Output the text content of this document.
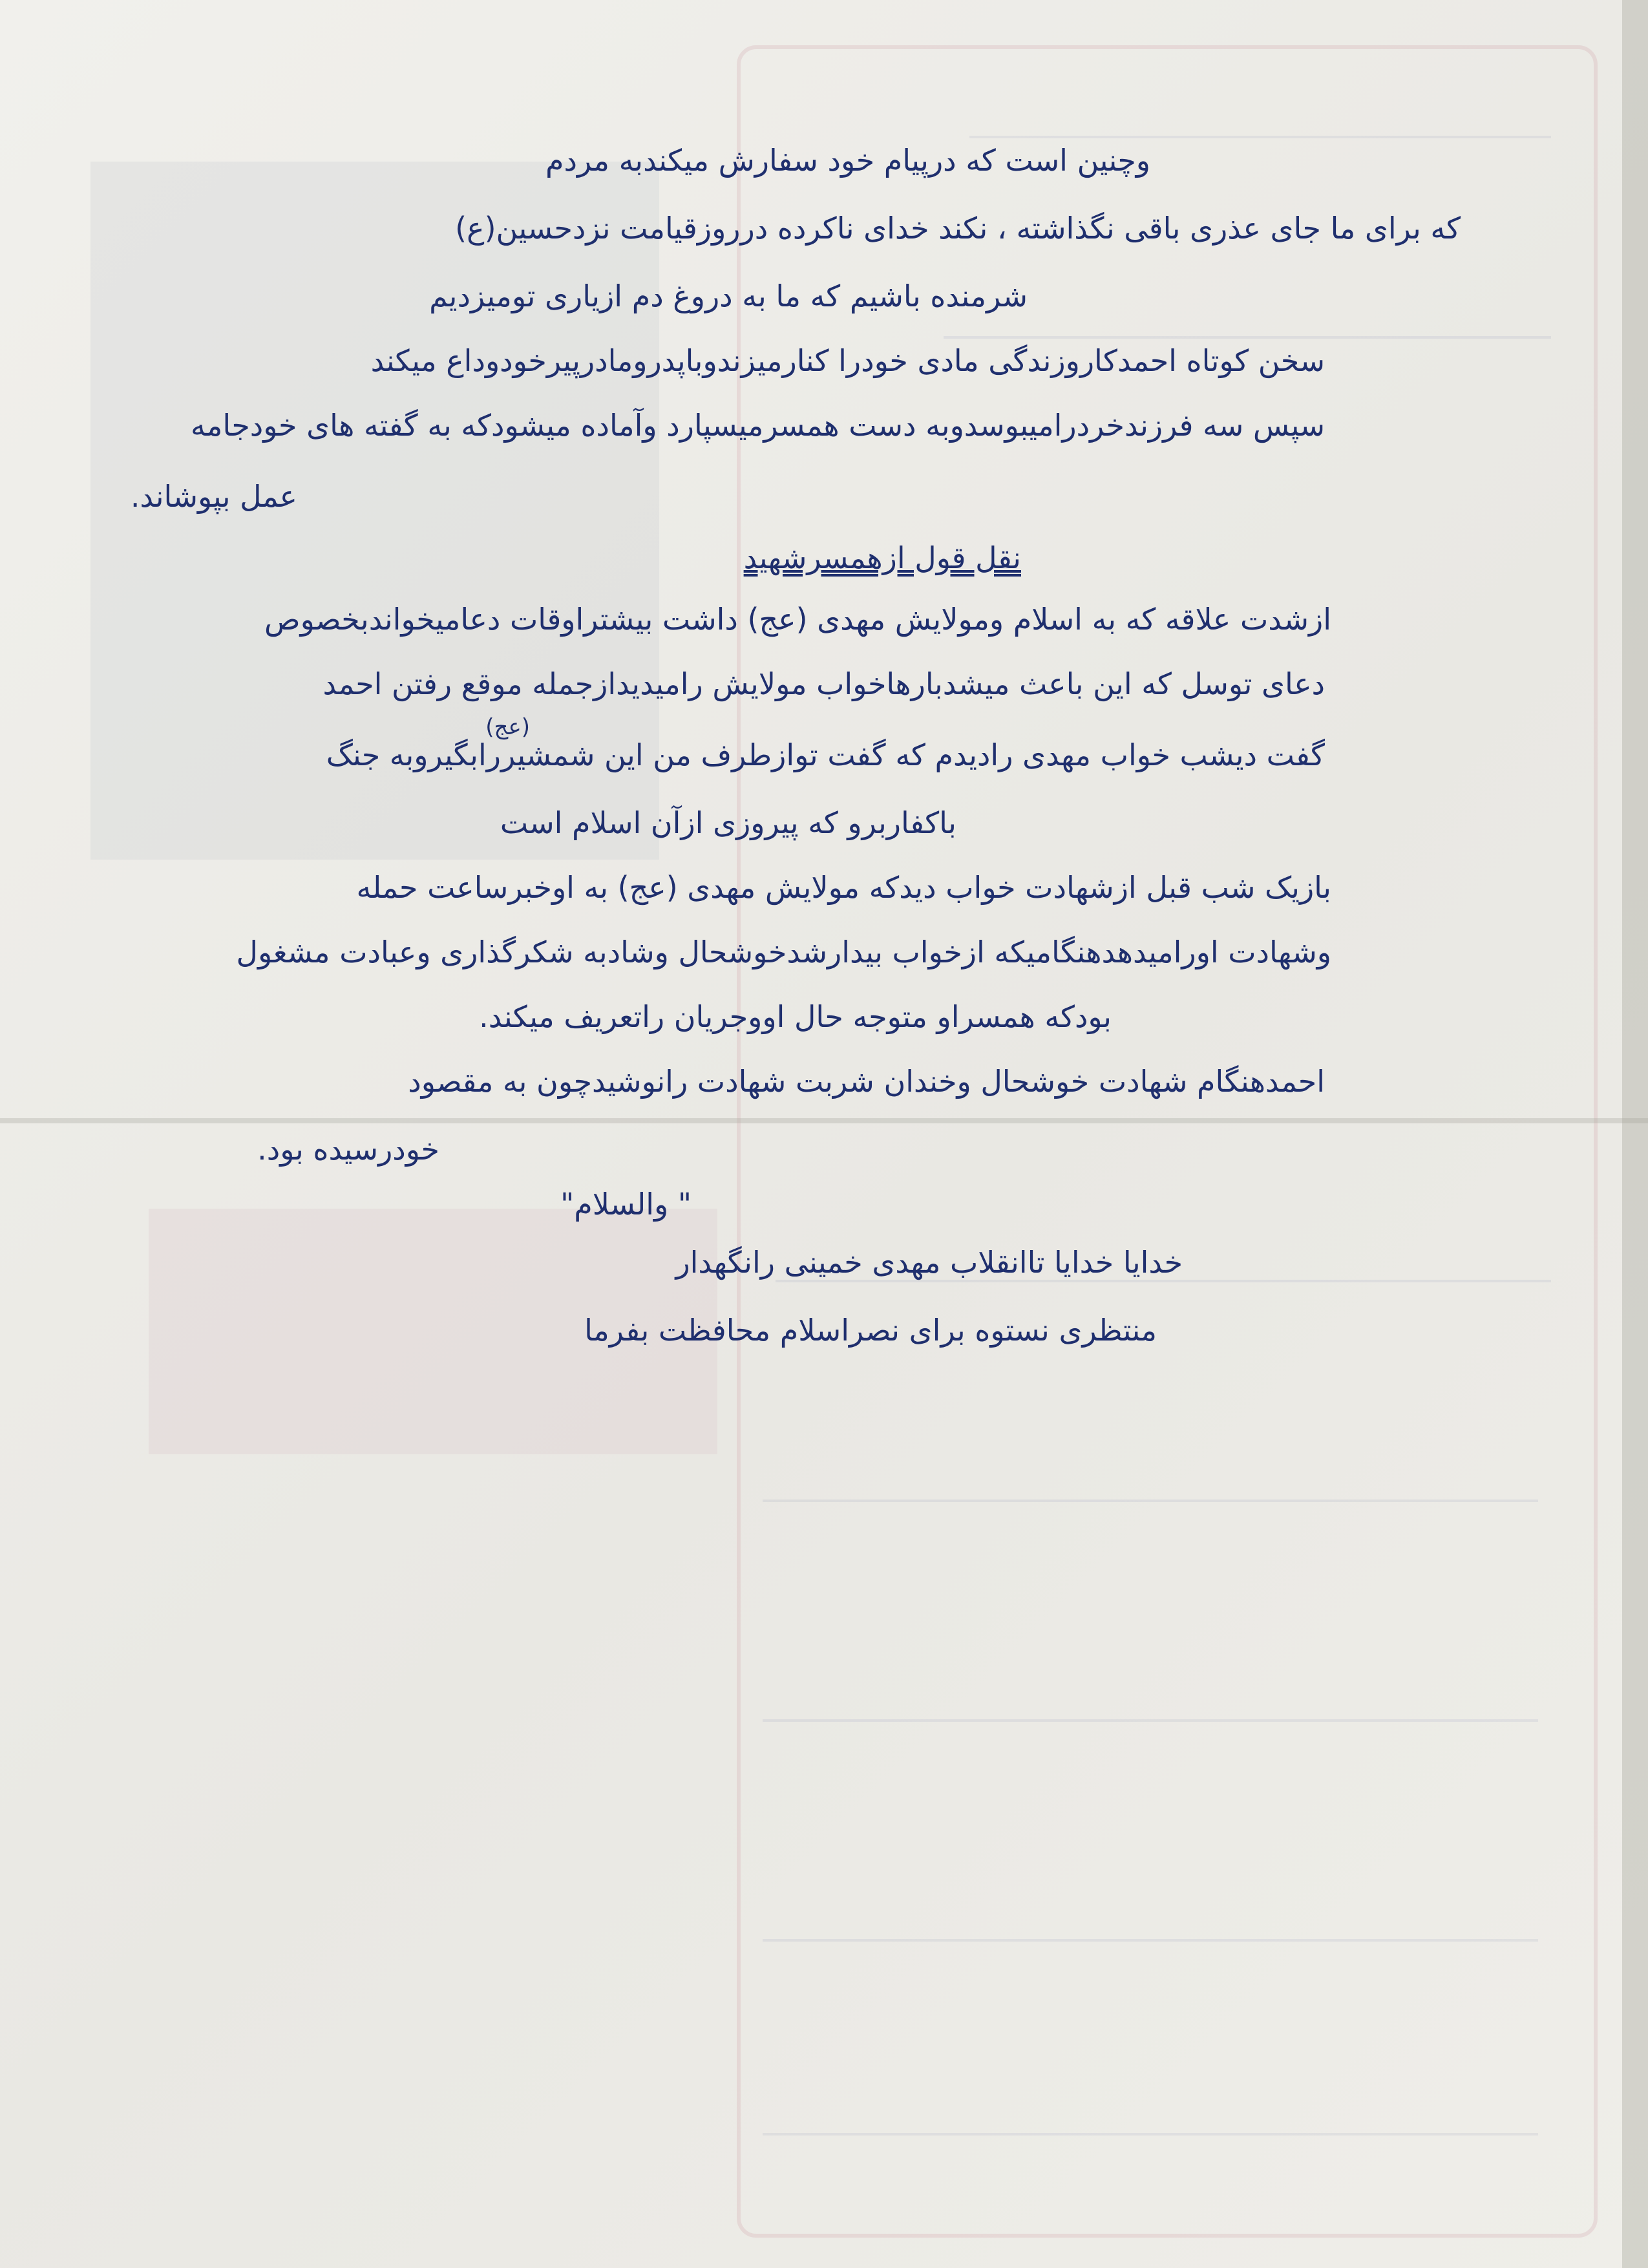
وچنین است که درپیام خود سفارش میکندبه مردم
که برای ما جای عذری باقی نگذاشته ، نکند خدای ناکرده درروزقیامت نزدحسین(ع)
شرمنده باشیم که ما به دروغ دم ازیاری تومیزدیم
سخن کوتاه احمدکاروزندگی مادی خودرا کنارمیزندوباپدرومادرپیرخودوداع میکند
سپس سه فرزندخردرامیبوسدوبه دست همسرمیسپارد وآماده میشودکه به گفته های خودجامه
عمل بپوشاند.
نقل قول ازهمسرشهید
ازشدت علاقه که به اسلام ومولایش مهدی (عج) داشت بیشتراوقات دعامیخواندبخصوص
دعای توسل که این باعث میشدبارهاخواب مولایش رامیدیدازجمله موقع رفتن احمد
(عج)
گفت دیشب خواب مهدی رادیدم که گفت توازطرف من این شمشیررابگیروبه جنگ
باکفاربرو که پیروزی ازآن اسلام است
بازیک شب قبل ازشهادت خواب دیدکه مولایش مهدی (عج) به اوخبرساعت حمله
وشهادت اورامیدهدهنگامیکه ازخواب بیدارشدخوشحال وشادبه شکرگذاری وعبادت مشغول
بودکه همسراو متوجه حال اووجریان راتعریف میکند.
احمدهنگام شهادت خوشحال وخندان شربت شهادت رانوشیدچون به مقصود
خودرسیده بود.
" والسلام"
خدایا خدایا تاانقلاب مهدی خمینی رانگهدار
منتظری نستوه برای نصراسلام محافظت بفرما
